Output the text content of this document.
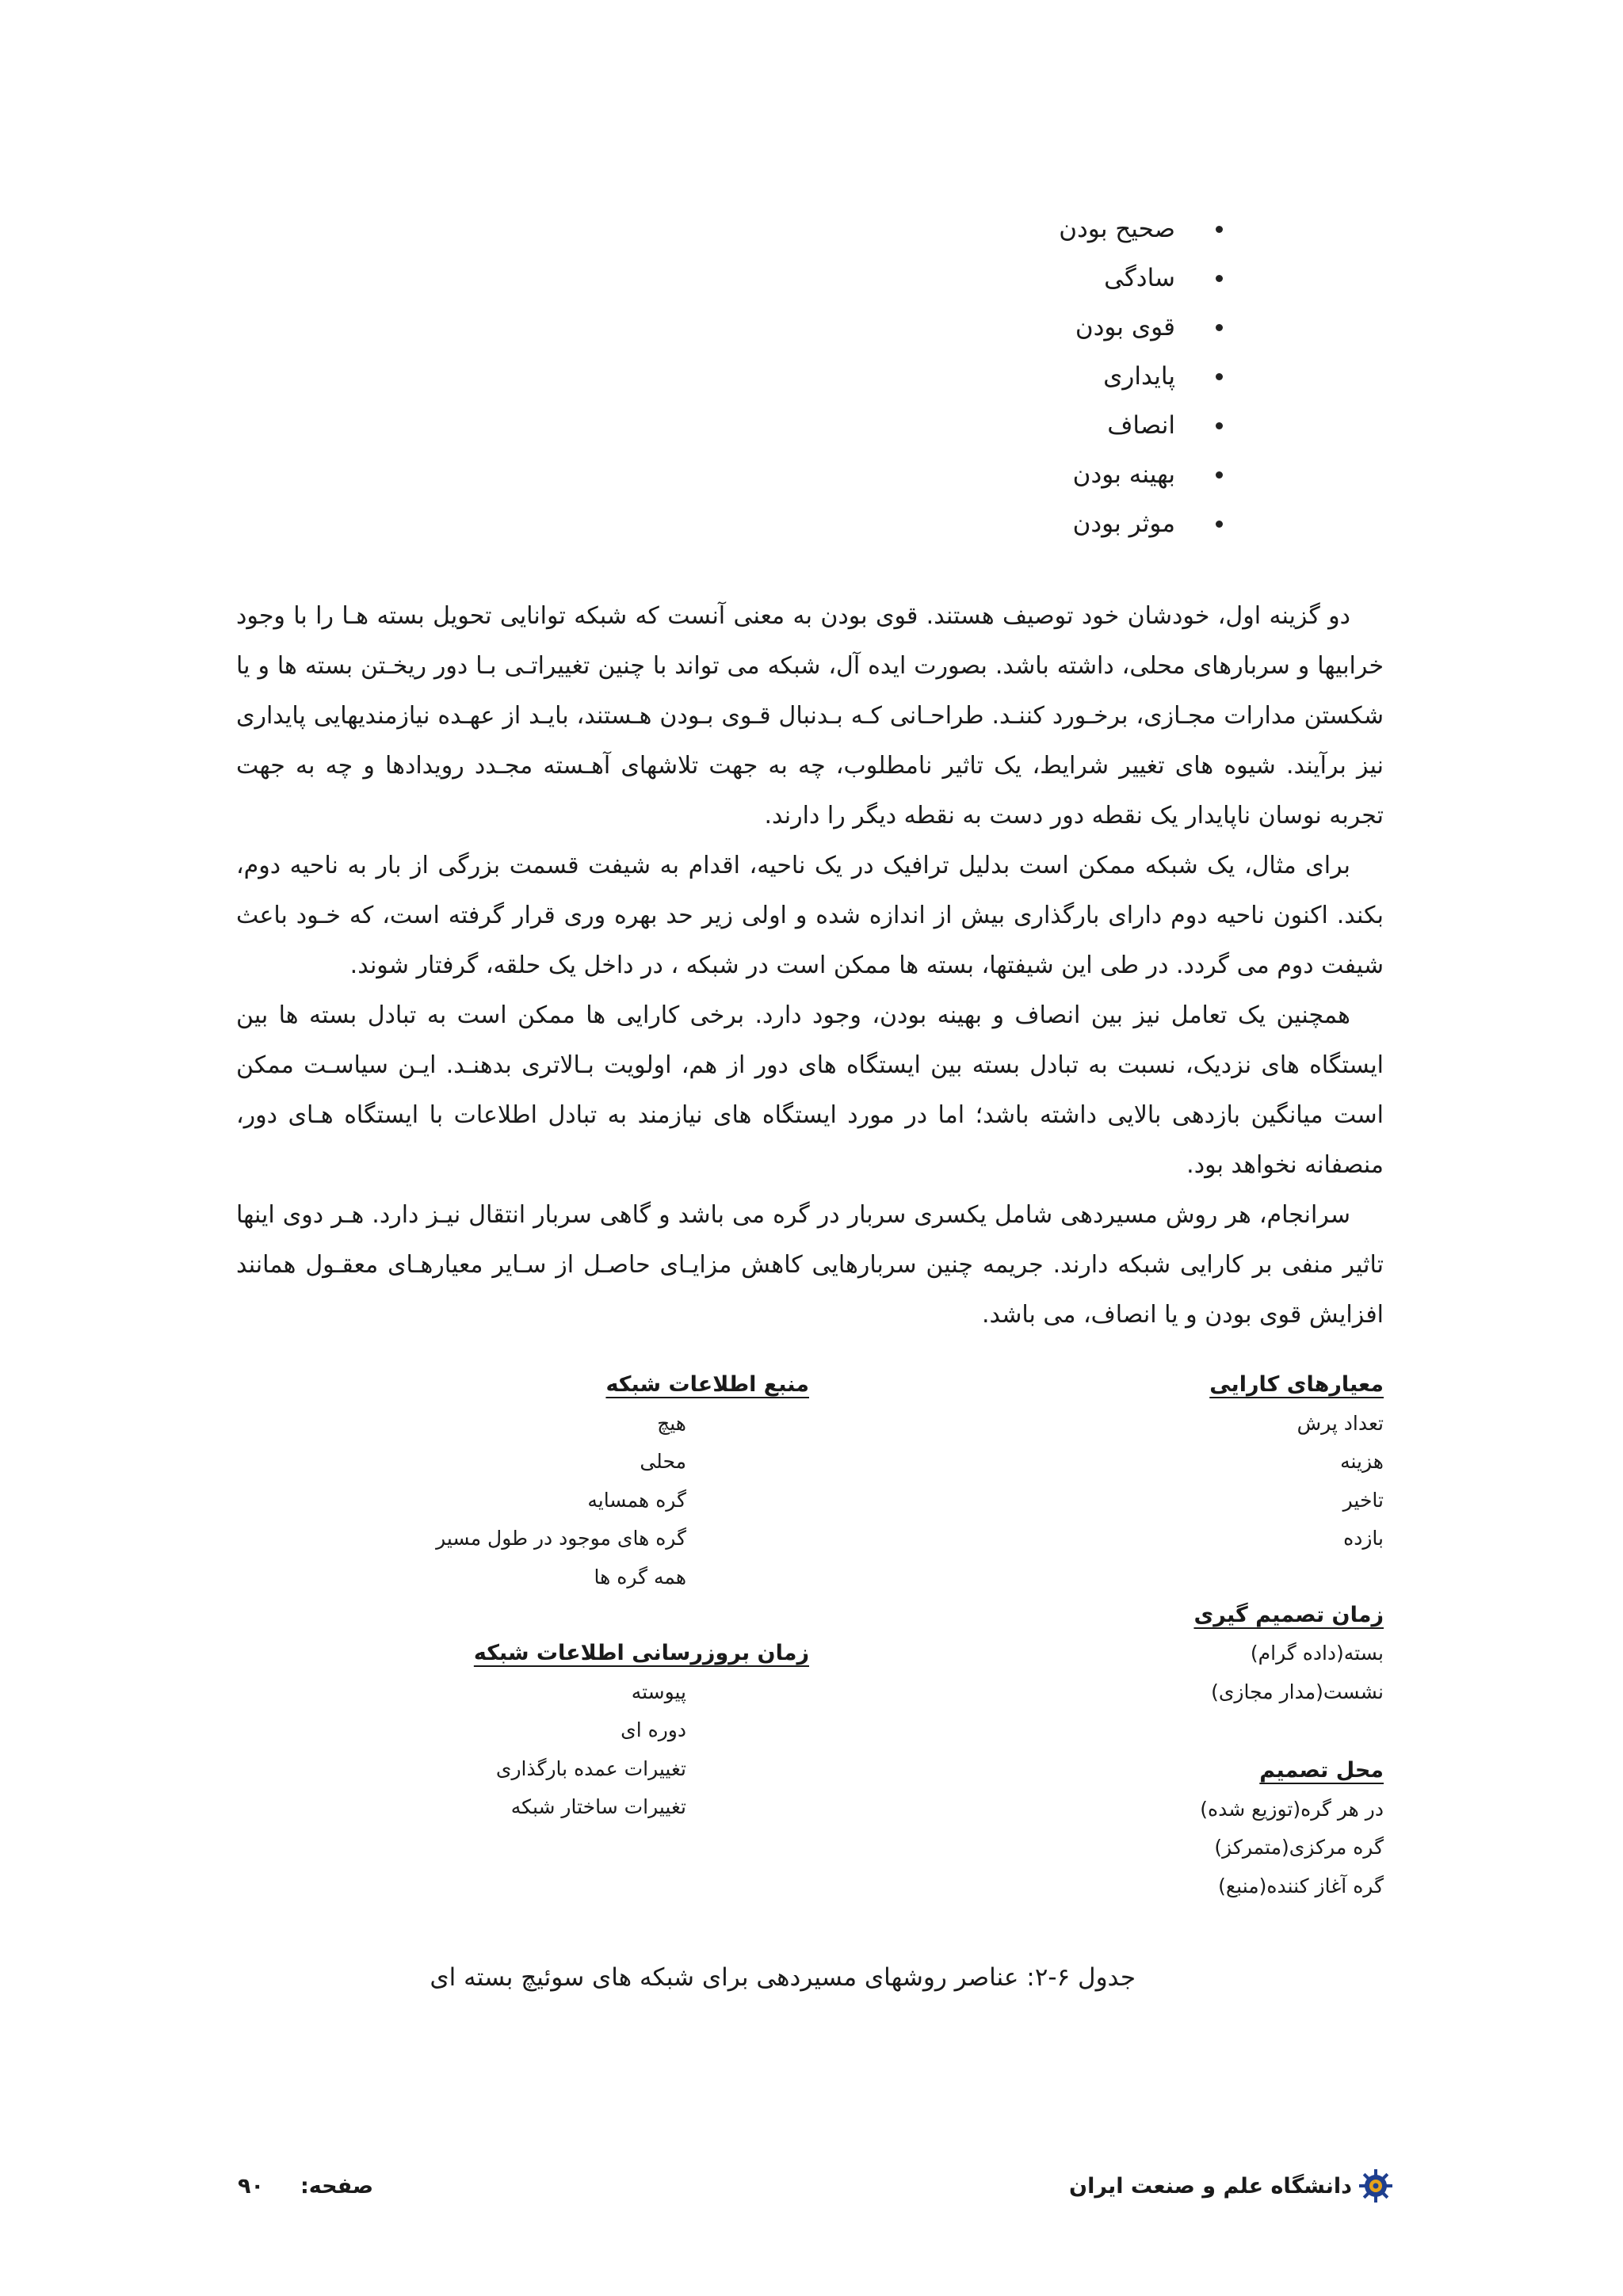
صحیح بودن
سادگی
قوی بودن
پایداری
انصاف
بهینه بودن
موثر بودن

دو گزینه اول، خودشان خود توصیف هستند. قوی بودن به معنی آنست که شبکه توانایی تحویل بسته هـا را با وجود خرابیها و سربارهای محلی، داشته باشد. بصورت ایده آل، شبکه می تواند با چنین تغییراتـی بـا دور ریخـتن بسته ها و یا شکستن مدارات مجـازی، برخـورد کننـد. طراحـانی کـه بـدنبال قـوی بـودن هـستند، بایـد از عهـده نیازمندیهایی پایداری نیز برآیند. شیوه های تغییر شرایط، یک تاثیر نامطلوب، چه به جهت تلاشهای آهـسته مجـدد رویدادها و چه به جهت تجربه نوسان ناپایدار یک نقطه دور دست به نقطه دیگر را دارند.

برای مثال، یک شبکه ممکن است بدلیل ترافیک در یک ناحیه، اقدام به شیفت قسمت بزرگی از بار به ناحیه دوم، بکند. اکنون ناحیه دوم دارای بارگذاری بیش از اندازه شده و اولی زیر حد بهره وری قرار گرفته است، که خـود باعث شیفت دوم می گردد. در طی این شیفتها، بسته ها ممکن است در شبکه ، در داخل یک حلقه، گرفتار شوند.

همچنین یک تعامل نیز بین انصاف و بهینه بودن، وجود دارد. برخی کارایی ها ممکن است به تبادل بسته ها بین ایستگاه های نزدیک، نسبت به تبادل بسته بین ایستگاه های دور از هم، اولویت بـالاتری بدهنـد. ایـن سیاسـت ممکن است میانگین بازدهی بالایی داشته باشد؛ اما در مورد ایستگاه های نیازمند به تبادل اطلاعات با ایستگاه هـای دور، منصفانه نخواهد بود.

سرانجام، هر روش مسیردهی شامل یکسری سربار در گره می باشد و گاهی سربار انتقال نیـز دارد. هـر دوی اینها تاثیر منفی بر کارایی شبکه دارند. جریمه چنین سربارهایی کاهش مزایـای حاصـل از سـایر معیارهـای معقـول همانند افزایش قوی بودن و یا انصاف، می باشد.

معیارهای کارایی
تعداد پرش
هزینه
تاخیر
بازده
زمان تصمیم گیری
بسته(داده گرام)
نشست(مدار مجازی)
محل تصمیم
در هر گره(توزیع شده)
گره مرکزی(متمرکز)
گره آغاز کننده(منبع)
منبع اطلاعات شبکه
هیچ
محلی
گره همسایه
گره های موجود در طول مسیر
همه گره ها
زمان بروزرسانی اطلاعات شبکه
پیوسته
دوره ای
تغییرات عمده بارگذاری
تغییرات ساختار شبکه
جدول ۶-۲: عناصر روشهای مسیردهی برای شبکه های سوئیچ بسته ای
دانشگاه علم و صنعت ایران
صفحه:
۹۰
